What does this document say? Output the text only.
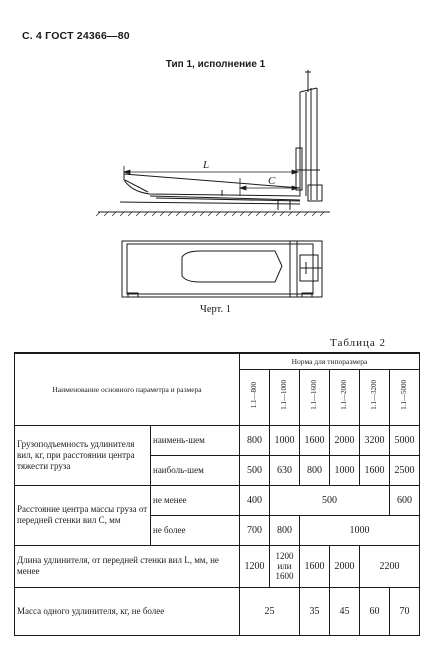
С. 4 ГОСТ 24366—80
Тип 1, исполнение 1
L
C
Черт. 1
Таблица 2
Наименование основного параметра и размера		Норма для типоразмера					
		1.1—800	1.1—1000	1.1—1600	1.1—2000	1.1—3200	1.1—5000
Грузоподъемность удлинителя вил, кг, при расстоянии центра тяжести груза	наимень-шем	800	1000	1600	2000	3200	5000
	наиболь-шем	500	630	800	1000	1600	2500
Расстояние центра массы груза от передней стенки вил С, мм	не менее	400	500				600
	не более	700	800	1000			
Длина удлинителя, от передней стенки вил L, мм, не менее		1200	1200 или 1600	1600	2000	2200	
Масса одного удлинителя, кг, не более		25		35	45	60	70
